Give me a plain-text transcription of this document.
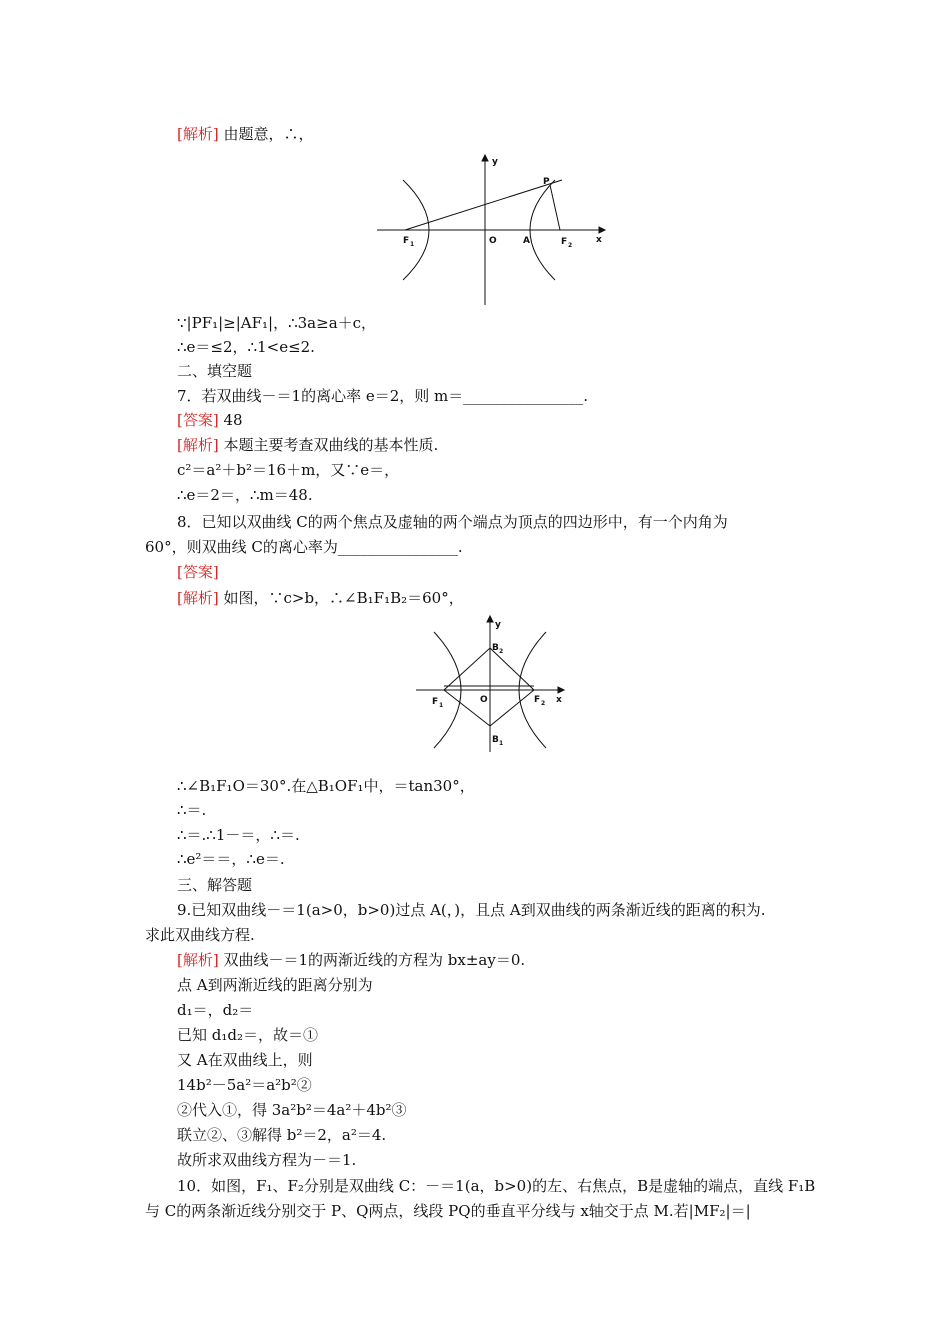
[解析] 由题意，∴，
y
P
F 1	O	A	F 2
x
∵|PF₁|≥|AF₁|，∴3a≥a＋c，
∴e＝≤2，∴1<e≤2.
二、填空题
7．若双曲线－＝1的离心率 e＝2，则 m＝________________.
[答案] 48
[解析] 本题主要考查双曲线的基本性质.
c²＝a²＋b²＝16＋m，又∵e＝，
∴e＝2＝，∴m＝48.
8．已知以双曲线 C的两个焦点及虚轴的两个端点为顶点的四边形中，有一个内角为
60°，则双曲线 C的离心率为________________.
[答案]
[解析] 如图，∵c>b，∴∠B₁F₁B₂＝60°，
y
B 2
F 1
O	F 2 x
B 1
∴∠B₁F₁O＝30°.在△B₁OF₁中，＝tan30°，
∴＝.
∴＝.∴1－＝，∴＝.
∴e²＝＝，∴e＝.
三、解答题
9.已知双曲线－＝1(a>0，b>0)过点 A(，)，且点 A到双曲线的两条渐近线的距离的积为.
求此双曲线方程.
[解析] 双曲线－＝1的两渐近线的方程为 bx±ay＝0.
点 A到两渐近线的距离分别为
d₁＝，d₂＝
已知 d₁d₂＝，故＝①
又 A在双曲线上，则
14b²－5a²＝a²b²②
②代入①，得 3a²b²＝4a²＋4b²③
联立②、③解得 b²＝2，a²＝4.
故所求双曲线方程为－＝1.
10．如图，F₁、F₂分别是双曲线 C：－＝1(a，b>0)的左、右焦点，B是虚轴的端点，直线 F₁B
与 C的两条渐近线分别交于 P、Q两点，线段 PQ的垂直平分线与 x轴交于点 M.若|MF₂|＝|
